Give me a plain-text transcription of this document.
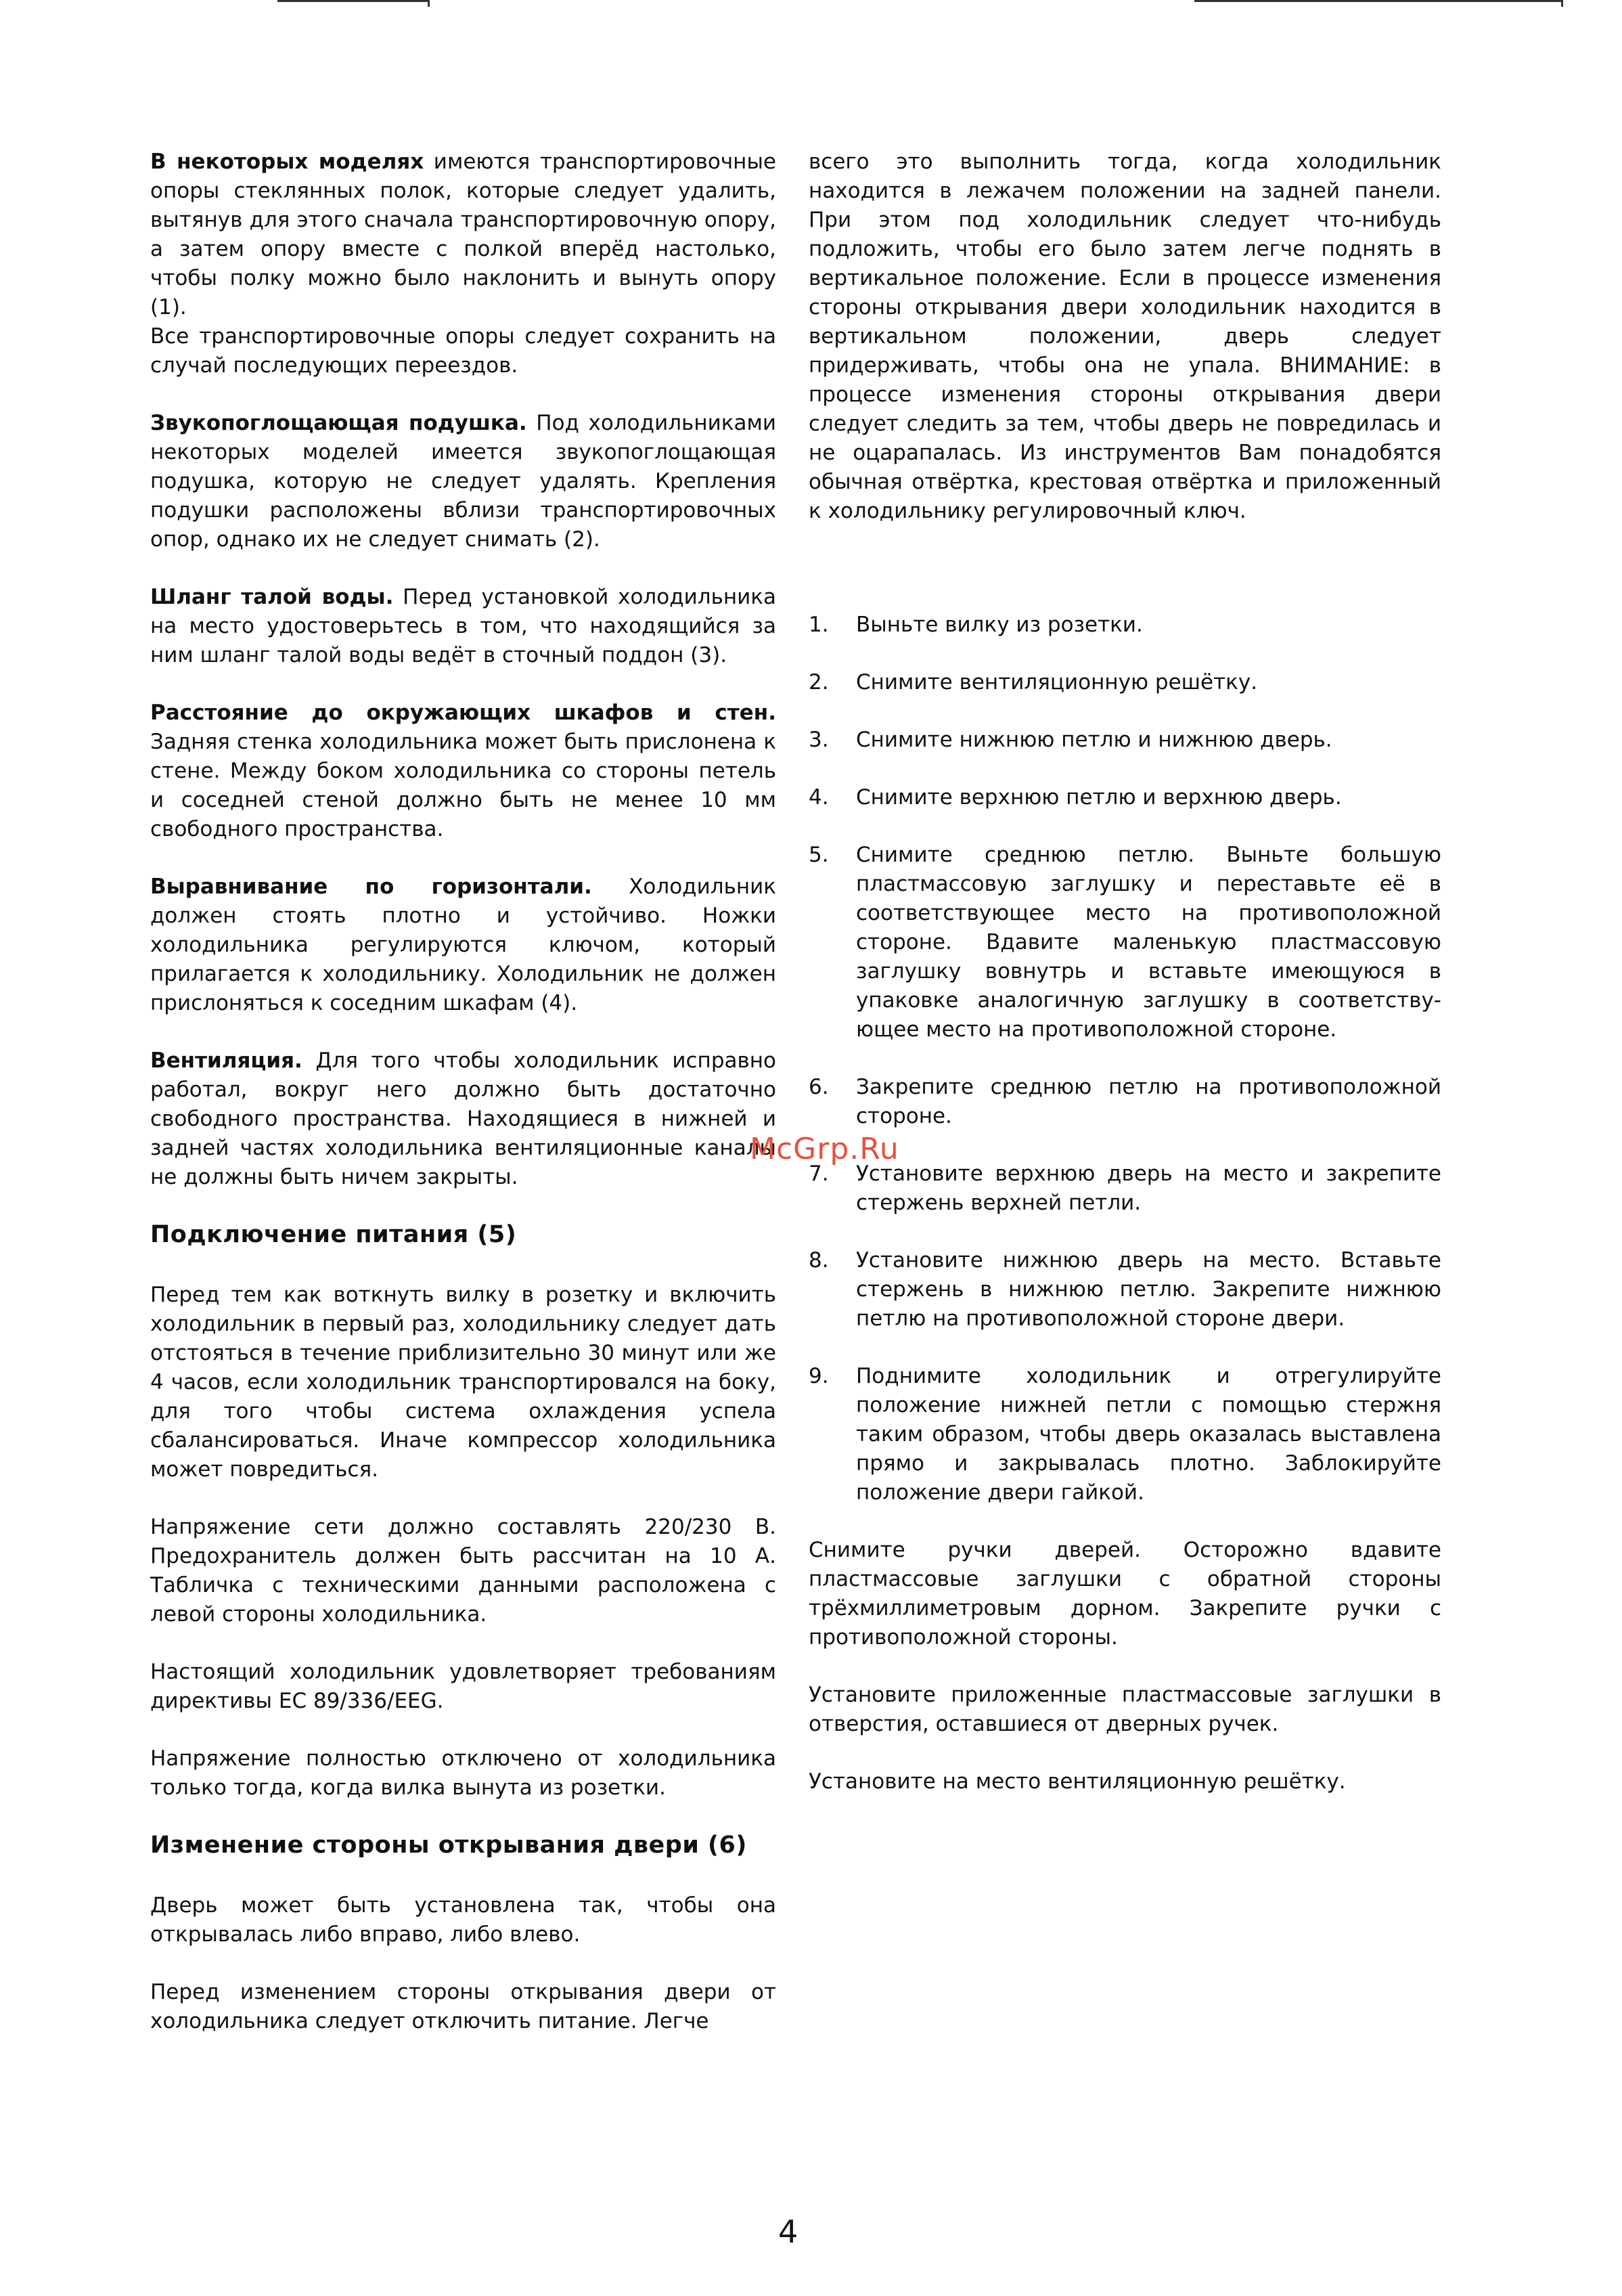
В некоторых моделях имеются транспортировочные опоры стеклянных полок, которые следует удалить, вытянув для этого сначала транспортировочную опору, а затем опору вместе с полкой вперёд настолько, чтобы полку можно было наклонить и вынуть опору (1).

Все транспортировочные опоры следует сохранить на случай последующих переездов.

Звукопоглощающая подушка. Под холодильниками некоторых моделей имеется звукопоглощающая подушка, которую не следует удалять. Крепления подушки расположены вблизи транспортировочных опор, однако их не следует снимать (2).

Шланг талой воды. Перед установкой холодильника на место удостоверьтесь в том, что находящийся за ним шланг талой воды ведёт в сточный поддон (3).

Расстояние до окружающих шкафов и стен. Задняя стенка холодильника может быть прислонена к стене. Между боком холодильника со стороны петель и соседней стеной должно быть не менее 10 мм свободного пространства.

Выравнивание по горизонтали. Холодильник должен стоять плотно и устойчиво. Ножки холодильника регулируются ключом, который прилагается к холодильнику. Холодильник не должен прислоняться к соседним шкафам (4).

Вентиляция. Для того чтобы холодильник исправно работал, вокруг него должно быть достаточно свободного пространства. Находящиеся в нижней и задней частях холодильника вентиляционные каналы не должны быть ничем закрыты.

Подключение питания (5)

Перед тем как воткнуть вилку в розетку и включить холодильник в первый раз, холодильнику следует дать отстояться в течение приблизительно 30 минут или же 4 часов, если холодильник транспортировался на боку, для того чтобы система охлаждения успела сбалансироваться. Иначе компрессор холодильника может повредиться.

Напряжение сети должно составлять 220/230 В. Предохранитель должен быть рассчитан на 10 А. Табличка с техническими данными расположена с левой стороны холодильника.

Настоящий холодильник удовлетворяет требованиям директивы ЕС 89/336/EEG.

Напряжение полностью отключено от холодильника только тогда, когда вилка вынута из розетки.

Изменение стороны открывания двери (6)

Дверь может быть установлена так, чтобы она открывалась либо вправо, либо влево.

Перед изменением стороны открывания двери от холодильника следует отключить питание. Легче

всего это выполнить тогда, когда холодильник находится в лежачем положении на задней панели. При этом под холодильник следует что-нибудь подложить, чтобы его было затем легче поднять в вертикальное положение. Если в процессе изменения стороны открывания двери холодильник находится в вертикальном положении, дверь следует придерживать, чтобы она не упала. ВНИМАНИЕ: в процессе изменения стороны открывания двери следует следить за тем, чтобы дверь не повредилась и не оцарапалась. Из инструментов Вам понадобятся обычная отвёртка, крестовая отвёртка и приложенный к холодильнику регулировочный ключ.

1.	Выньте вилку из розетки.
2.	Снимите вентиляционную решётку.
3.	Снимите нижнюю петлю и нижнюю дверь.
4.	Снимите верхнюю петлю и верхнюю дверь.
5.	Снимите среднюю петлю. Выньте большую пластмассовую заглушку и переставьте её в соответствующее место на противоположной стороне. Вдавите маленькую пластмассовую заглушку вовнутрь и вставьте имеющуюся в упаковке аналогичную заглушку в соответству-ющее место на противоположной стороне.
6.	Закрепите среднюю петлю на противоположной стороне.
7.	Установите верхнюю дверь на место и закрепите стержень верхней петли.
8.	Установите нижнюю дверь на место. Вставьте стержень в нижнюю петлю. Закрепите нижнюю петлю на противоположной стороне двери.
9.	Поднимите холодильник и отрегулируйте положение нижней петли с помощью стержня таким образом, чтобы дверь оказалась выставлена прямо и закрывалась плотно. Заблокируйте положение двери гайкой.

Снимите ручки дверей. Осторожно вдавите пластмассовые заглушки с обратной стороны трёхмиллиметровым дорном. Закрепите ручки с противоположной стороны.

Установите приложенные пластмассовые заглушки в отверстия, оставшиеся от дверных ручек.

Установите на место вентиляционную решётку.

McGrp.Ru
4
